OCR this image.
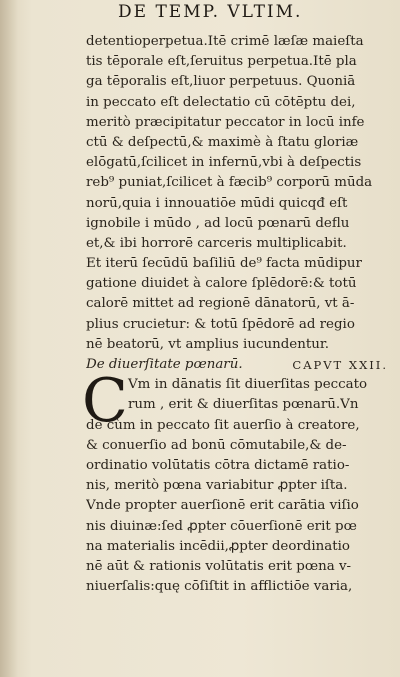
DE TEMP. VLTIM.
detentioperpetua.Itē crimē læſæ maieſta
tis tēporale eſt,ſeruitus perpetua.Itē pla
ga tēporalis eſt,liuor perpetuus. Quoniā
in peccato eſt delectatio cū cōtēptu dei,
meritò præcipitatur peccator in locū infe
ctū & deſpectū,& maximè à ſtatu gloriæ
elōgatū,ſcilicet in infernū,vbi à deſpectis
reb⁹ puniat,ſcilicet à fæcib⁹ corporū mūda
norū,quia i innouatiōe mūdi quicqđ eſt
ignobile i mūdo , ad locū pœnarū deflu
et,& ibi horrorē carceris multiplicabit.
Et iterū ſecūdū baſiliū de⁹ facta mūdipur
gatione diuidet à calore ſplēdorē:& totū
calorē mittet ad regionē dānatorū, vt ā-
plius crucietur: & totū ſpēdorē ad regio
nē beatorū, vt amplius iucundentur.
De diuerſitate pœnarū.	CAPVT XXII.
C Vm in dānatis ſit diuerſitas peccato
rum , erit & diuerſitas pœnarū.Vn
de cùm in peccato ſit auerſio à creatore,
& conuerſio ad bonū cōmutabile,& de-
ordinatio volūtatis cōtra dictamē ratio-
nis, meritò pœna variabitur ꝓpter iſta.
Vnde propter auerſionē erit carātia viſio
nis diuinæ:ſed ꝓpter cōuerſionē erit pœ
na materialis incēdii,ꝓpter deordinatio
nē aūt & rationis volūtatis erit pœna v-
niuerſalis:quę cōſiſtit in afflictiōe varia,
